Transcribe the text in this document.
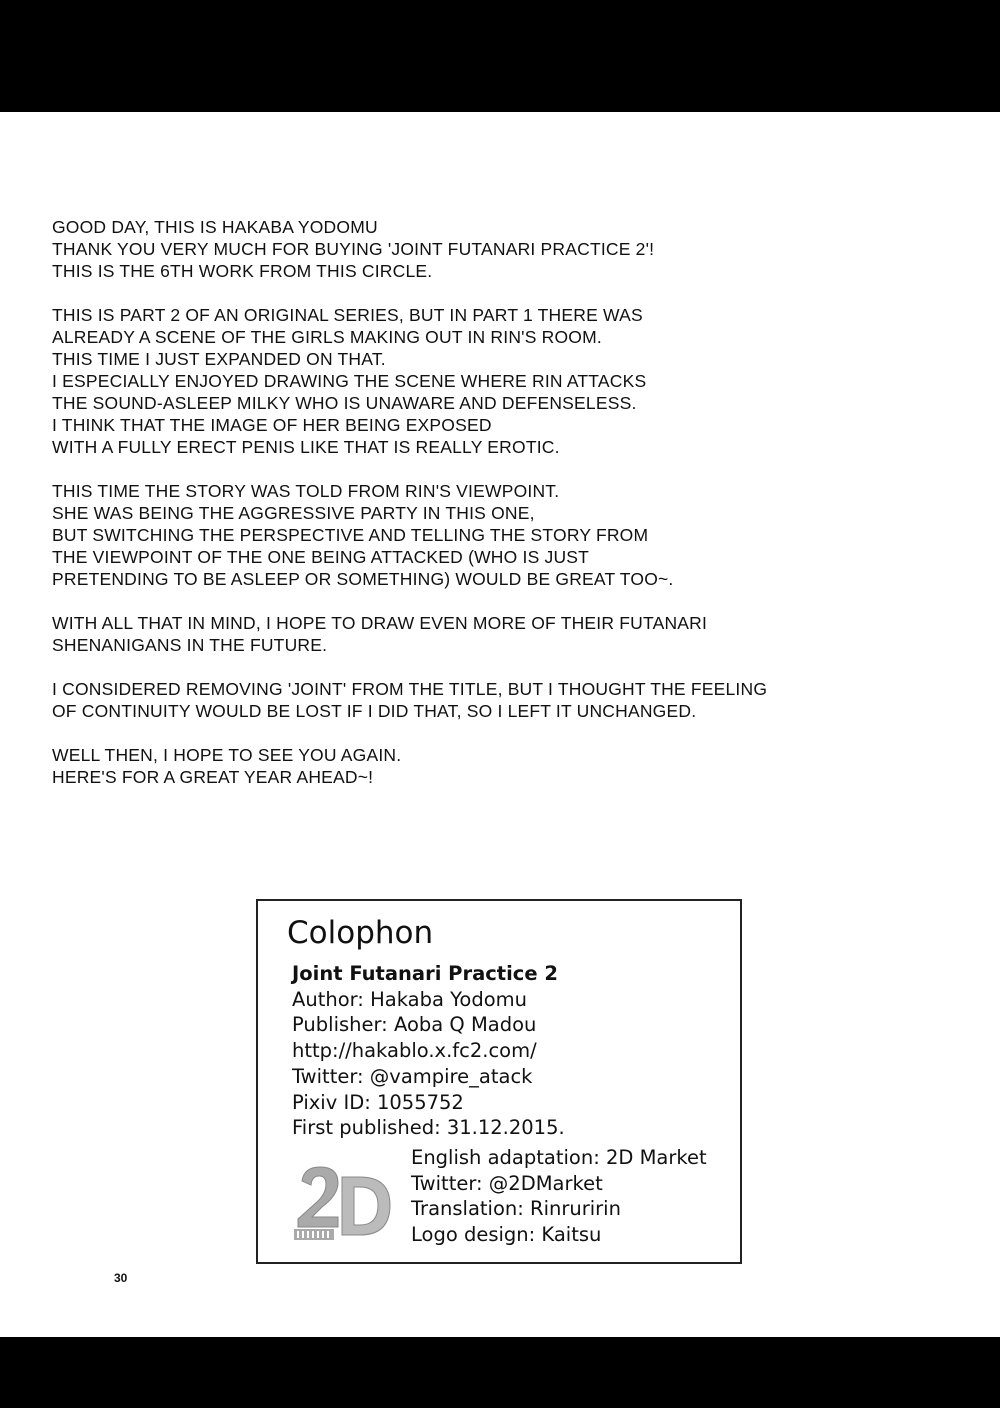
GOOD DAY, THIS IS HAKABA YODOMU
THANK YOU VERY MUCH FOR BUYING 'JOINT FUTANARI PRACTICE 2'!
THIS IS THE 6TH WORK FROM THIS CIRCLE.
THIS IS PART 2 OF AN ORIGINAL SERIES, BUT IN PART 1 THERE WAS
ALREADY A SCENE OF THE GIRLS MAKING OUT IN RIN'S ROOM.
THIS TIME I JUST EXPANDED ON THAT.
I ESPECIALLY ENJOYED DRAWING THE SCENE WHERE RIN ATTACKS
THE SOUND-ASLEEP MILKY WHO IS UNAWARE AND DEFENSELESS.
I THINK THAT THE IMAGE OF HER BEING EXPOSED
WITH A FULLY ERECT PENIS LIKE THAT IS REALLY EROTIC.
THIS TIME THE STORY WAS TOLD FROM RIN'S VIEWPOINT.
SHE WAS BEING THE AGGRESSIVE PARTY IN THIS ONE,
BUT SWITCHING THE PERSPECTIVE AND TELLING THE STORY FROM
THE VIEWPOINT OF THE ONE BEING ATTACKED (WHO IS JUST
PRETENDING TO BE ASLEEP OR SOMETHING) WOULD BE GREAT TOO~.
WITH ALL THAT IN MIND, I HOPE TO DRAW EVEN MORE OF THEIR FUTANARI
SHENANIGANS IN THE FUTURE.
I CONSIDERED REMOVING 'JOINT' FROM THE TITLE, BUT I THOUGHT THE FEELING
OF CONTINUITY WOULD BE LOST IF I DID THAT, SO I LEFT IT UNCHANGED.
WELL THEN, I HOPE TO SEE YOU AGAIN.
HERE'S FOR A GREAT YEAR AHEAD~!
Colophon
Joint Futanari Practice 2
Author: Hakaba Yodomu
Publisher: Aoba Q Madou
http://hakablo.x.fc2.com/
Twitter: @vampire_atack
Pixiv ID: 1055752
First published: 31.12.2015.
English adaptation: 2D Market
Twitter: @2DMarket
Translation: Rinruririn
Logo design: Kaitsu
30
